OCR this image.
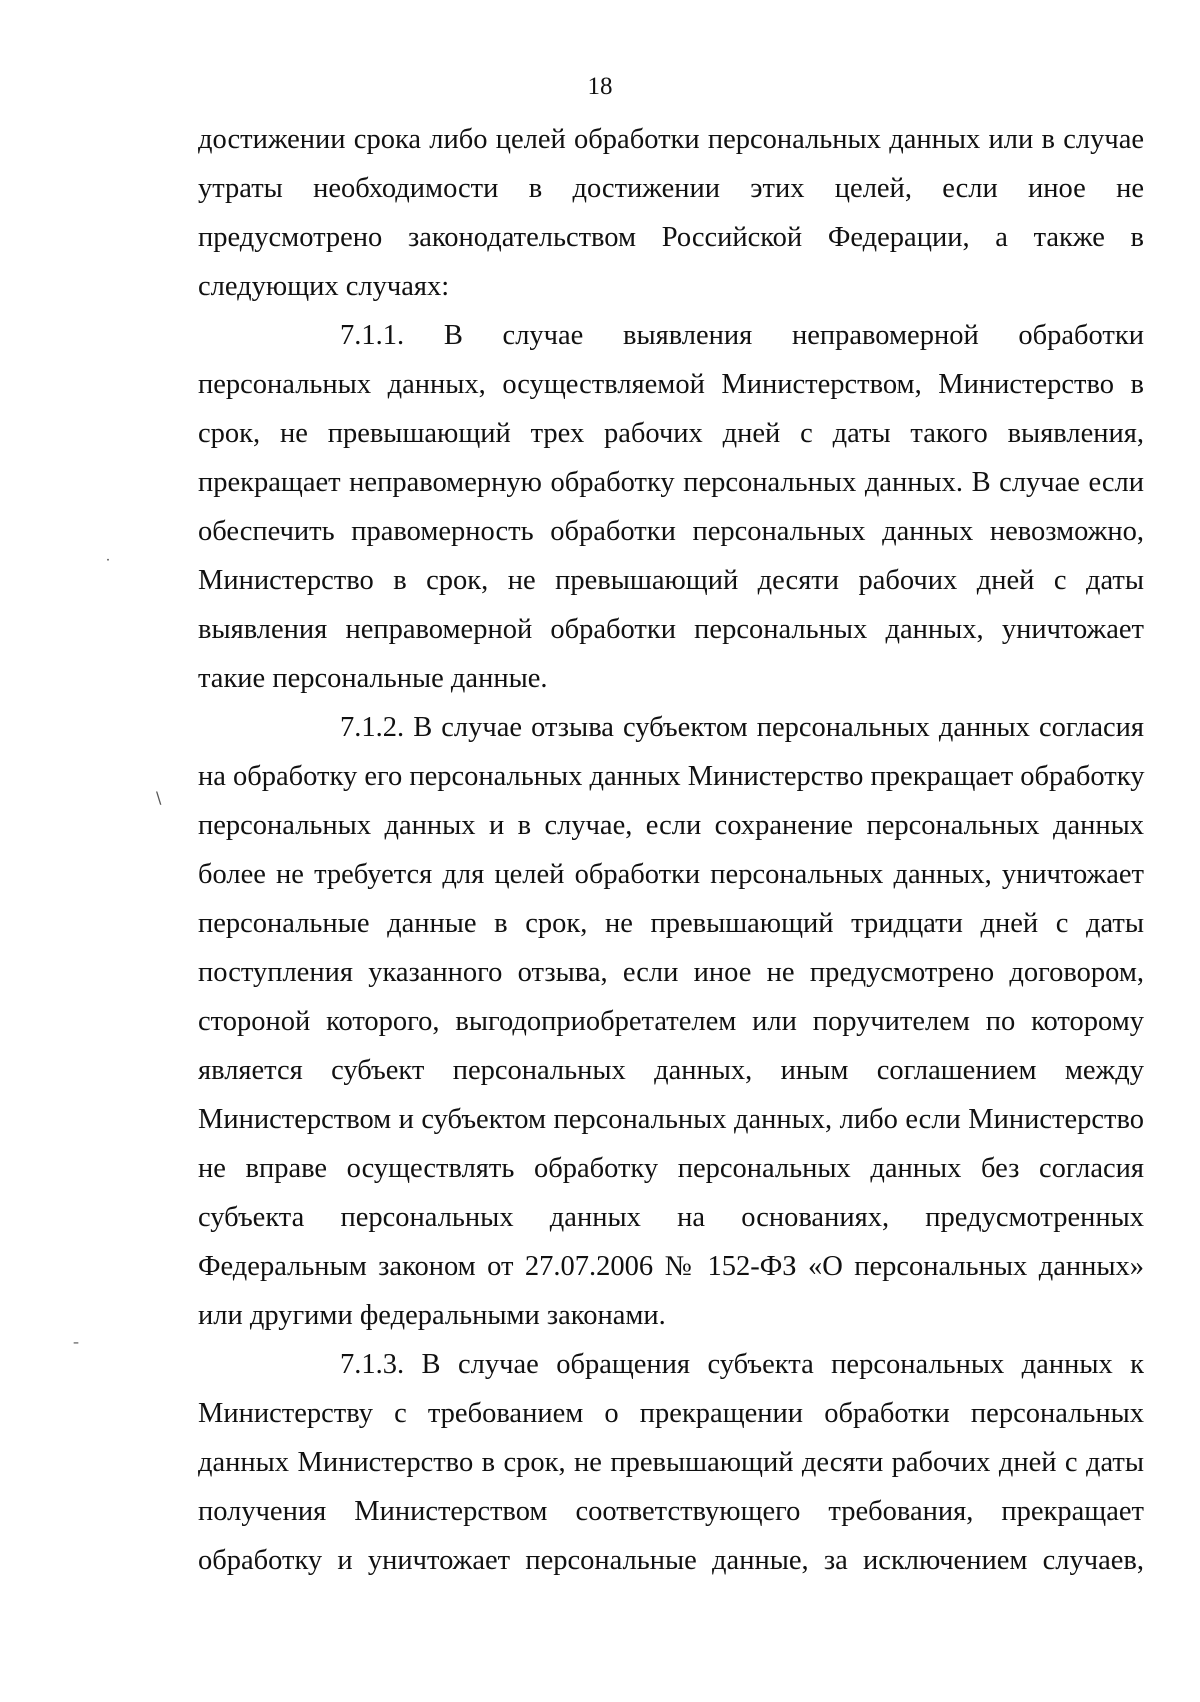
18
достижении срока либо целей обработки персональных данных или в случае
утраты необходимости в достижении этих целей, если иное не
предусмотрено законодательством Российской Федерации, а также в
следующих случаях:
7.1.1. В случае выявления неправомерной обработки
персональных данных, осуществляемой Министерством, Министерство в
срок, не превышающий трех рабочих дней с даты такого выявления,
прекращает неправомерную обработку персональных данных. В случае если
обеспечить правомерность обработки персональных данных невозможно,
Министерство в срок, не превышающий десяти рабочих дней с даты
выявления неправомерной обработки персональных данных, уничтожает
такие персональные данные.
7.1.2. В случае отзыва субъектом персональных данных согласия
на обработку его персональных данных Министерство прекращает обработку
персональных данных и в случае, если сохранение персональных данных
более не требуется для целей обработки персональных данных, уничтожает
персональные данные в срок, не превышающий тридцати дней с даты
поступления указанного отзыва, если иное не предусмотрено договором,
стороной которого, выгодоприобретателем или поручителем по которому
является субъект персональных данных, иным соглашением между
Министерством и субъектом персональных данных, либо если Министерство
не вправе осуществлять обработку персональных данных без согласия
субъекта персональных данных на основаниях, предусмотренных
Федеральным законом от 27.07.2006 № 152-ФЗ «О персональных данных»
или другими федеральными законами.
7.1.3. В случае обращения субъекта персональных данных к
Министерству с требованием о прекращении обработки персональных
данных Министерство в срок, не превышающий десяти рабочих дней с даты
получения Министерством соответствующего требования, прекращает
обработку и уничтожает персональные данные, за исключением случаев,
˙
\
ˍ
